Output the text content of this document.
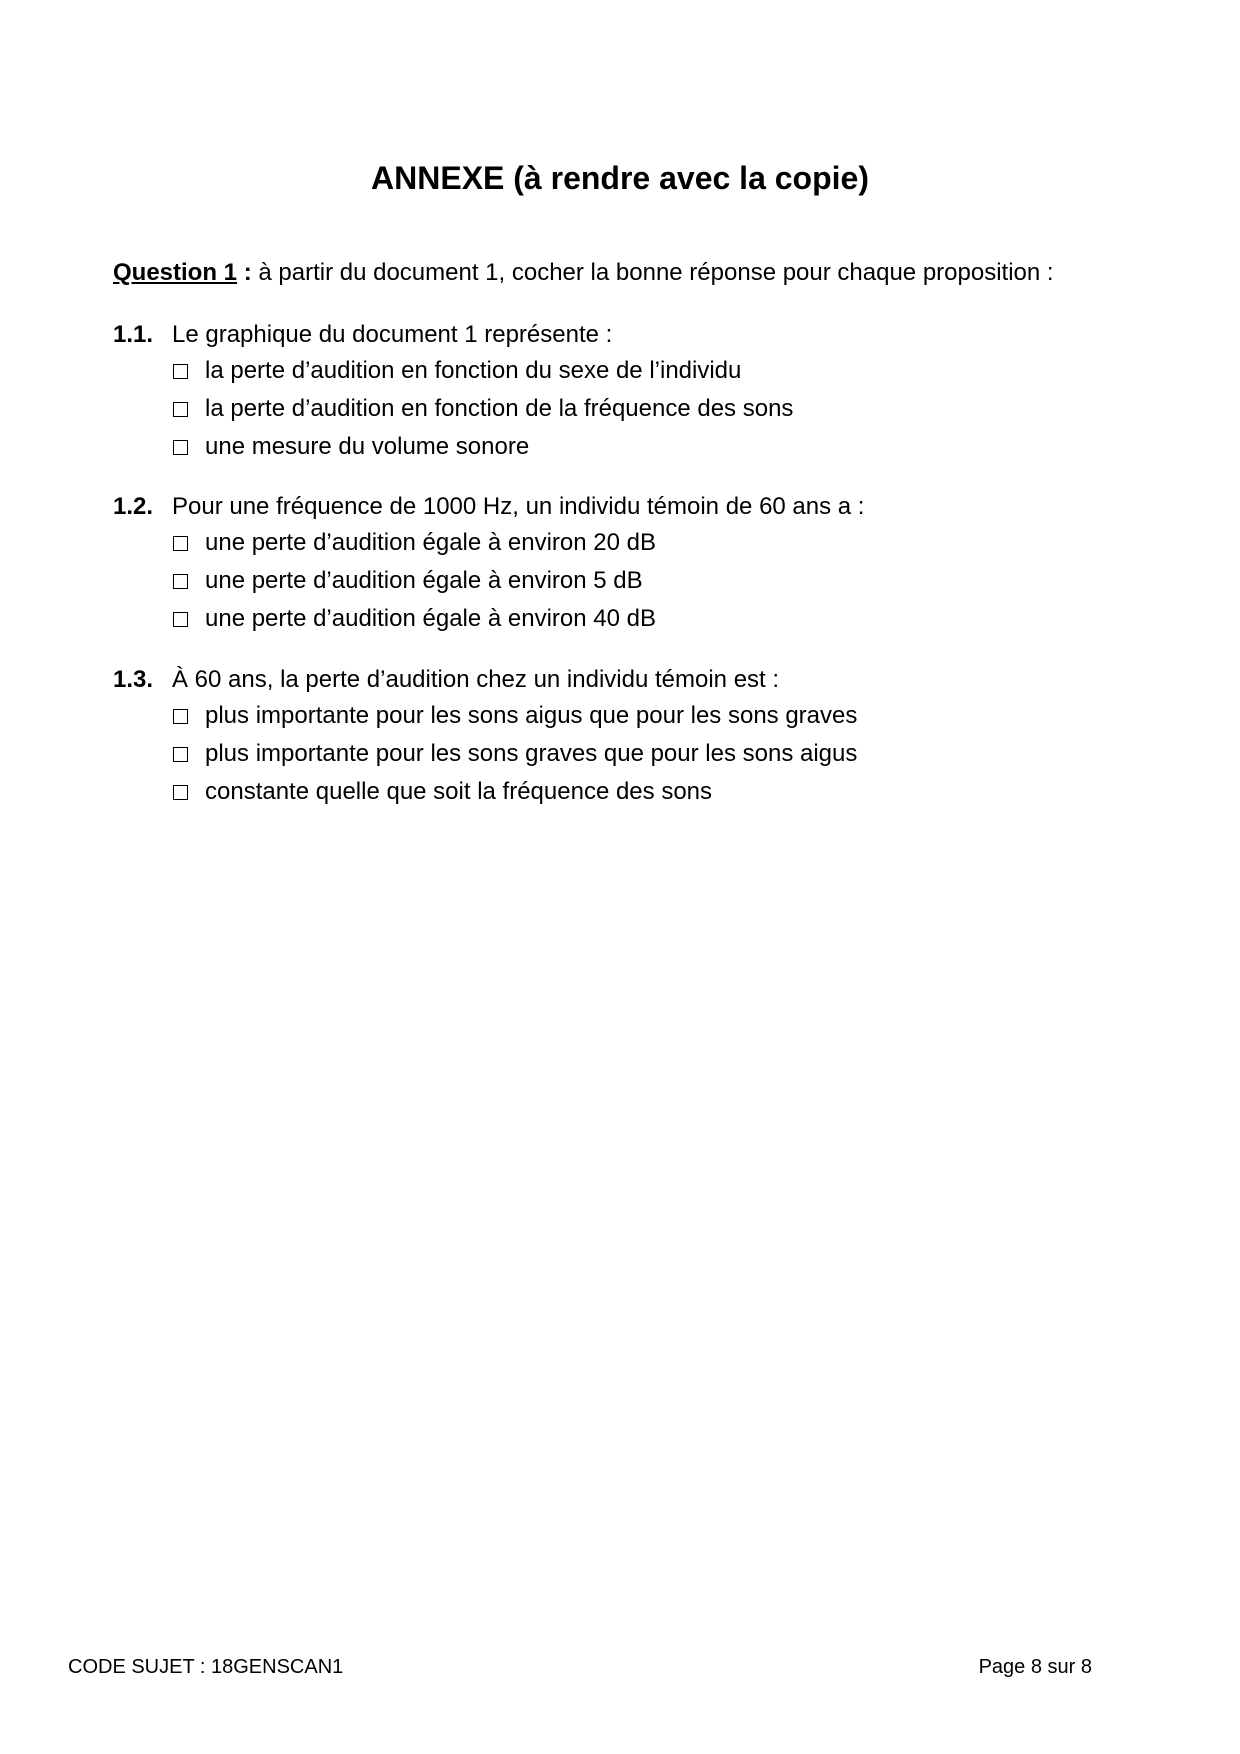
ANNEXE (à rendre avec la copie)
Question 1 : à partir du document 1, cocher la bonne réponse pour chaque proposition :
1.1. Le graphique du document 1 représente :
la perte d’audition en fonction du sexe de l’individu
la perte d’audition en fonction de la fréquence des sons
une mesure du volume sonore
1.2. Pour une fréquence de 1000 Hz, un individu témoin de 60 ans a :
une perte d’audition égale à environ 20 dB
une perte d’audition égale à environ 5 dB
une perte d’audition égale à environ 40 dB
1.3. À 60 ans, la perte d’audition chez un individu témoin est :
plus importante pour les sons aigus que pour les sons graves
plus importante pour les sons graves que pour les sons aigus
constante quelle que soit la fréquence des sons
CODE SUJET : 18GENSCAN1	Page 8 sur 8
